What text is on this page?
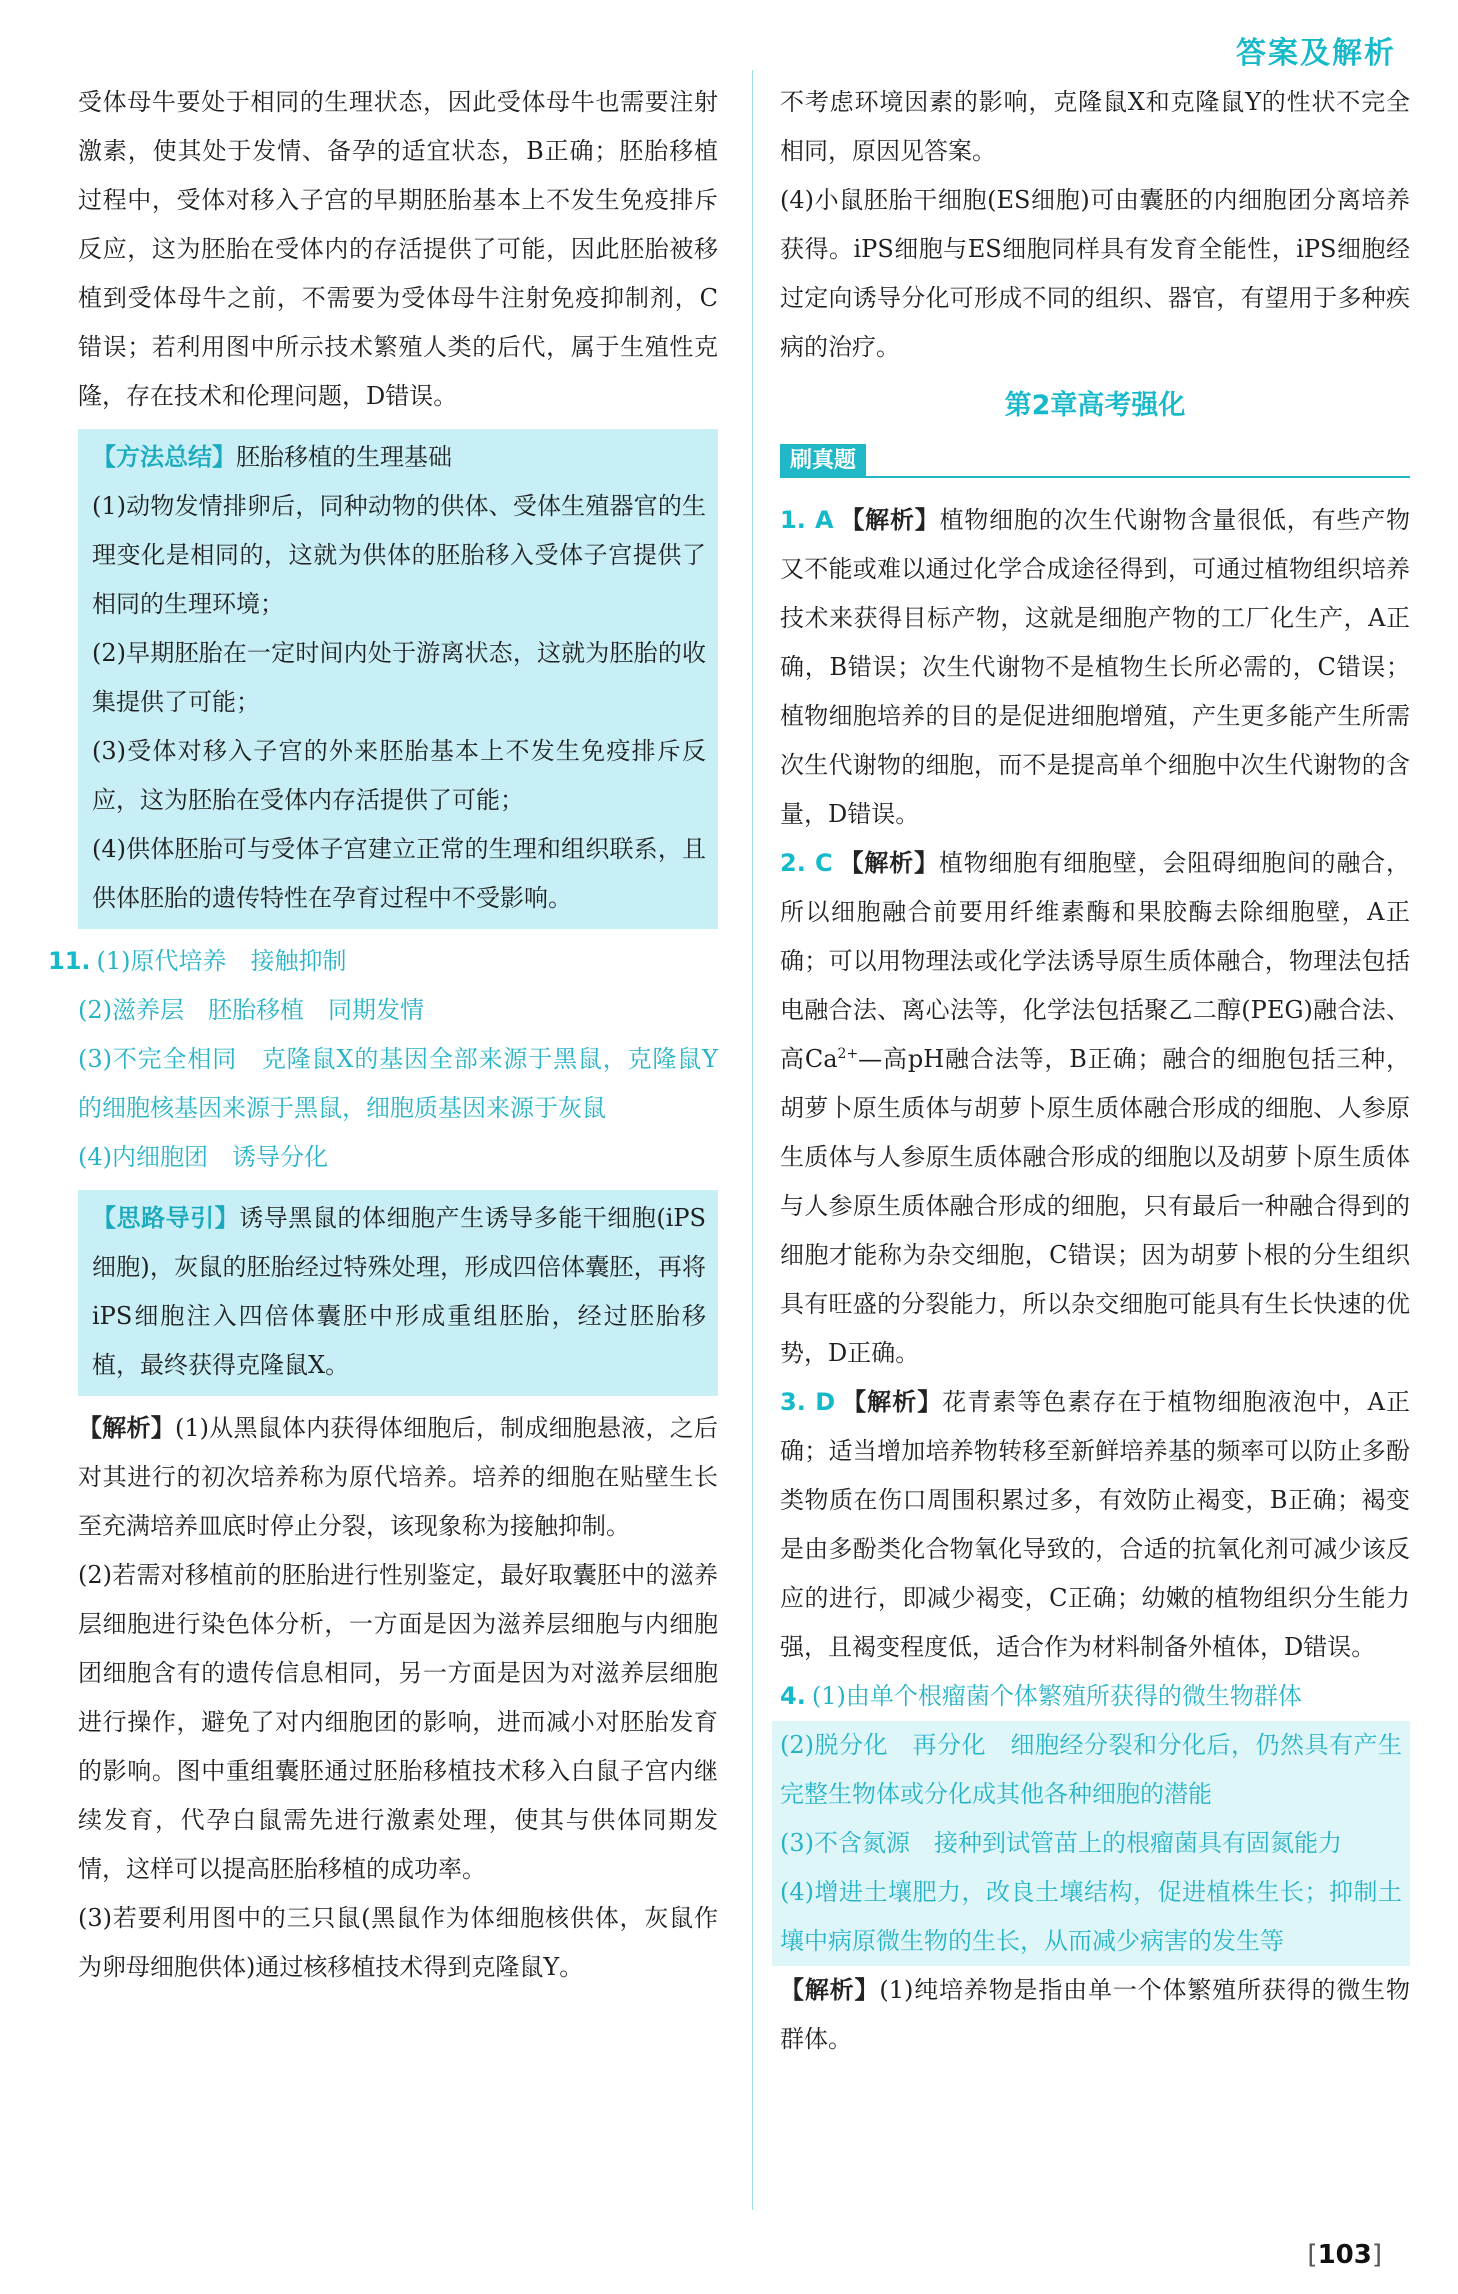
答案及解析

受体母牛要处于相同的生理状态，因此受体母牛也需要注射激素，使其处于发情、备孕的适宜状态，B正确；胚胎移植过程中，受体对移入子宫的早期胚胎基本上不发生免疫排斥反应，这为胚胎在受体内的存活提供了可能，因此胚胎被移植到受体母牛之前，不需要为受体母牛注射免疫抑制剂，C错误；若利用图中所示技术繁殖人类的后代，属于生殖性克隆，存在技术和伦理问题，D错误。

【方法总结】胚胎移植的生理基础

(1)动物发情排卵后，同种动物的供体、受体生殖器官的生理变化是相同的，这就为供体的胚胎移入受体子宫提供了相同的生理环境；

(2)早期胚胎在一定时间内处于游离状态，这就为胚胎的收集提供了可能；

(3)受体对移入子宫的外来胚胎基本上不发生免疫排斥反应，这为胚胎在受体内存活提供了可能；

(4)供体胚胎可与受体子宫建立正常的生理和组织联系，且供体胚胎的遗传特性在孕育过程中不受影响。

11. (1)原代培养　接触抑制

(2)滋养层　胚胎移植　同期发情

(3)不完全相同　克隆鼠X的基因全部来源于黑鼠，克隆鼠Y的细胞核基因来源于黑鼠，细胞质基因来源于灰鼠

(4)内细胞团　诱导分化

【思路导引】诱导黑鼠的体细胞产生诱导多能干细胞(iPS细胞)，灰鼠的胚胎经过特殊处理，形成四倍体囊胚，再将iPS细胞注入四倍体囊胚中形成重组胚胎，经过胚胎移植，最终获得克隆鼠X。

【解析】(1)从黑鼠体内获得体细胞后，制成细胞悬液，之后对其进行的初次培养称为原代培养。培养的细胞在贴壁生长至充满培养皿底时停止分裂，该现象称为接触抑制。

(2)若需对移植前的胚胎进行性别鉴定，最好取囊胚中的滋养层细胞进行染色体分析，一方面是因为滋养层细胞与内细胞团细胞含有的遗传信息相同，另一方面是因为对滋养层细胞进行操作，避免了对内细胞团的影响，进而减小对胚胎发育的影响。图中重组囊胚通过胚胎移植技术移入白鼠子宫内继续发育，代孕白鼠需先进行激素处理，使其与供体同期发情，这样可以提高胚胎移植的成功率。

(3)若要利用图中的三只鼠(黑鼠作为体细胞核供体，灰鼠作为卵母细胞供体)通过核移植技术得到克隆鼠Y。

不考虑环境因素的影响，克隆鼠X和克隆鼠Y的性状不完全相同，原因见答案。

(4)小鼠胚胎干细胞(ES细胞)可由囊胚的内细胞团分离培养获得。iPS细胞与ES细胞同样具有发育全能性，iPS细胞经过定向诱导分化可形成不同的组织、器官，有望用于多种疾病的治疗。

第2章高考强化
刷真题

1. A 【解析】植物细胞的次生代谢物含量很低，有些产物又不能或难以通过化学合成途径得到，可通过植物组织培养技术来获得目标产物，这就是细胞产物的工厂化生产，A正确，B错误；次生代谢物不是植物生长所必需的，C错误；植物细胞培养的目的是促进细胞增殖，产生更多能产生所需次生代谢物的细胞，而不是提高单个细胞中次生代谢物的含量，D错误。

2. C 【解析】植物细胞有细胞壁，会阻碍细胞间的融合，所以细胞融合前要用纤维素酶和果胶酶去除细胞壁，A正确；可以用物理法或化学法诱导原生质体融合，物理法包括电融合法、离心法等，化学法包括聚乙二醇(PEG)融合法、高$Ca^{2+}—$高pH融合法等，B正确；融合的细胞包括三种，胡萝卜原生质体与胡萝卜原生质体融合形成的细胞、人参原生质体与人参原生质体融合形成的细胞以及胡萝卜原生质体与人参原生质体融合形成的细胞，只有最后一种融合得到的细胞才能称为杂交细胞，C错误；因为胡萝卜根的分生组织具有旺盛的分裂能力，所以杂交细胞可能具有生长快速的优势，D正确。

3. D 【解析】花青素等色素存在于植物细胞液泡中，A正确；适当增加培养物转移至新鲜培养基的频率可以防止多酚类物质在伤口周围积累过多，有效防止褐变，B正确；褐变是由多酚类化合物氧化导致的，合适的抗氧化剂可减少该反应的进行，即减少褐变，C正确；幼嫩的植物组织分生能力强，且褐变程度低，适合作为材料制备外植体，D错误。

4. (1)由单个根瘤菌个体繁殖所获得的微生物群体

(2)脱分化　再分化　细胞经分裂和分化后，仍然具有产生完整生物体或分化成其他各种细胞的潜能

(3)不含氮源　接种到试管苗上的根瘤菌具有固氮能力

(4)增进土壤肥力，改良土壤结构，促进植株生长；抑制土壤中病原微生物的生长，从而减少病害的发生等

【解析】(1)纯培养物是指由单一个体繁殖所获得的微生物群体。

[103]
